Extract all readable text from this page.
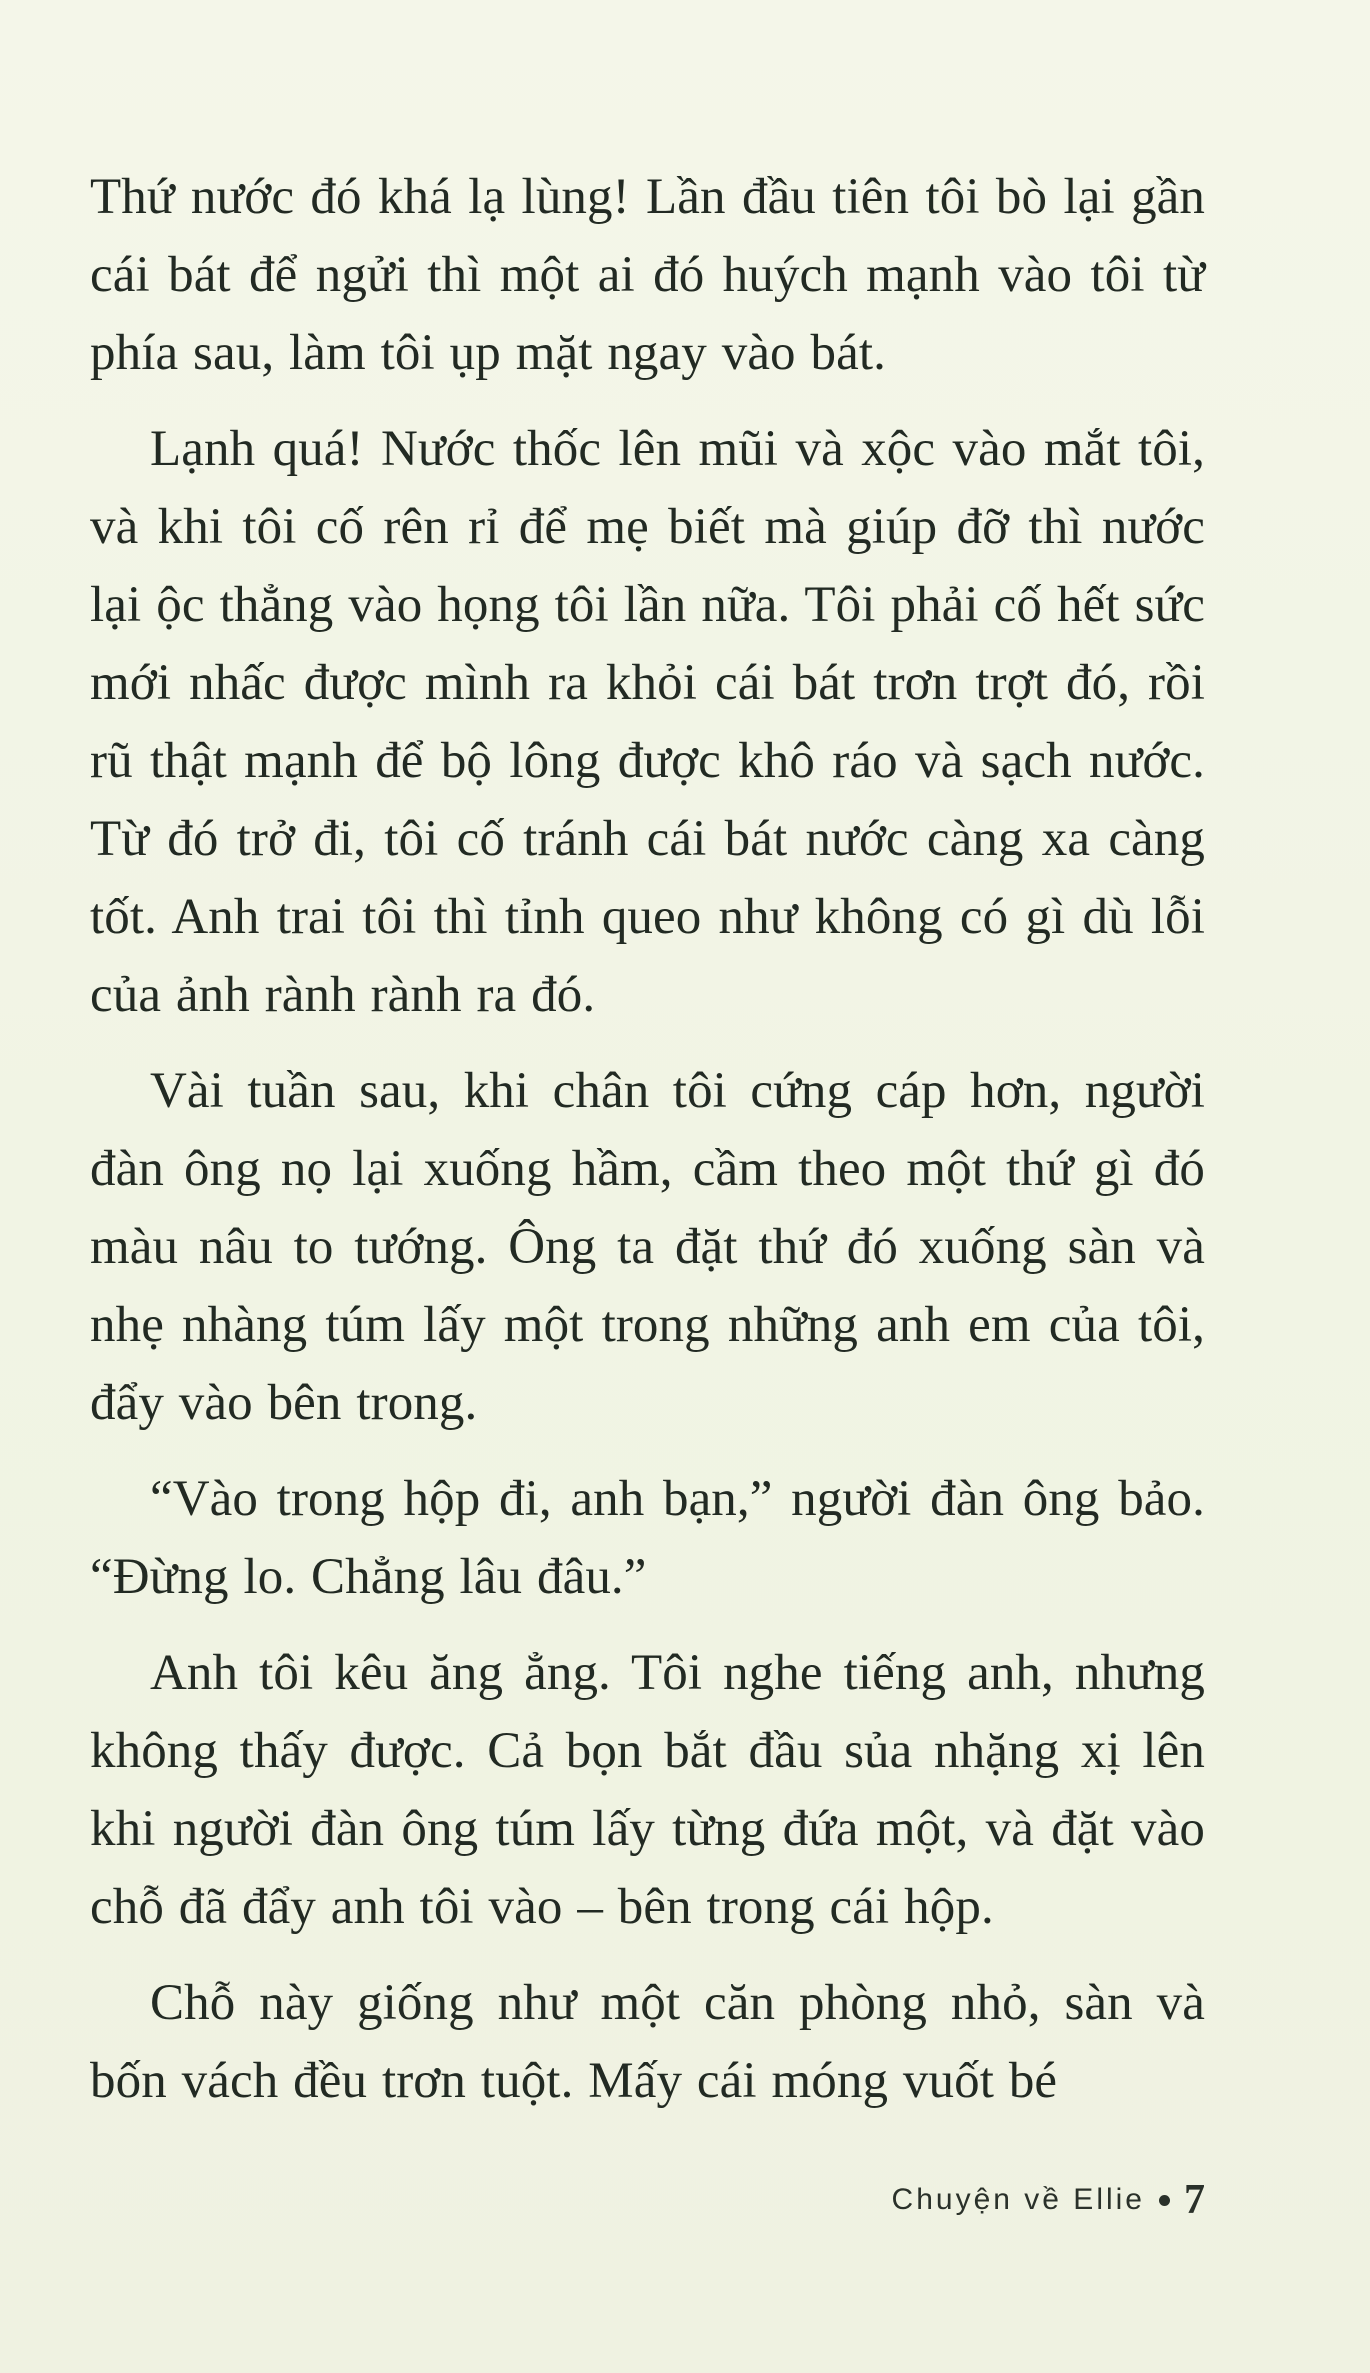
Thứ nước đó khá lạ lùng! Lần đầu tiên tôi bò lại gần cái bát để ngửi thì một ai đó huých mạnh vào tôi từ phía sau, làm tôi ụp mặt ngay vào bát.

Lạnh quá! Nước thốc lên mũi và xộc vào mắt tôi, và khi tôi cố rên rỉ để mẹ biết mà giúp đỡ thì nước lại ộc thẳng vào họng tôi lần nữa. Tôi phải cố hết sức mới nhấc được mình ra khỏi cái bát trơn trợt đó, rồi rũ thật mạnh để bộ lông được khô ráo và sạch nước. Từ đó trở đi, tôi cố tránh cái bát nước càng xa càng tốt. Anh trai tôi thì tỉnh queo như không có gì dù lỗi của ảnh rành rành ra đó.

Vài tuần sau, khi chân tôi cứng cáp hơn, người đàn ông nọ lại xuống hầm, cầm theo một thứ gì đó màu nâu to tướng. Ông ta đặt thứ đó xuống sàn và nhẹ nhàng túm lấy một trong những anh em của tôi, đẩy vào bên trong.

“Vào trong hộp đi, anh bạn,” người đàn ông bảo. “Đừng lo. Chẳng lâu đâu.”

Anh tôi kêu ăng ẳng. Tôi nghe tiếng anh, nhưng không thấy được. Cả bọn bắt đầu sủa nhặng xị lên khi người đàn ông túm lấy từng đứa một, và đặt vào chỗ đã đẩy anh tôi vào – bên trong cái hộp.

Chỗ này giống như một căn phòng nhỏ, sàn và bốn vách đều trơn tuột. Mấy cái móng vuốt bé

Chuyện về Ellie 7
